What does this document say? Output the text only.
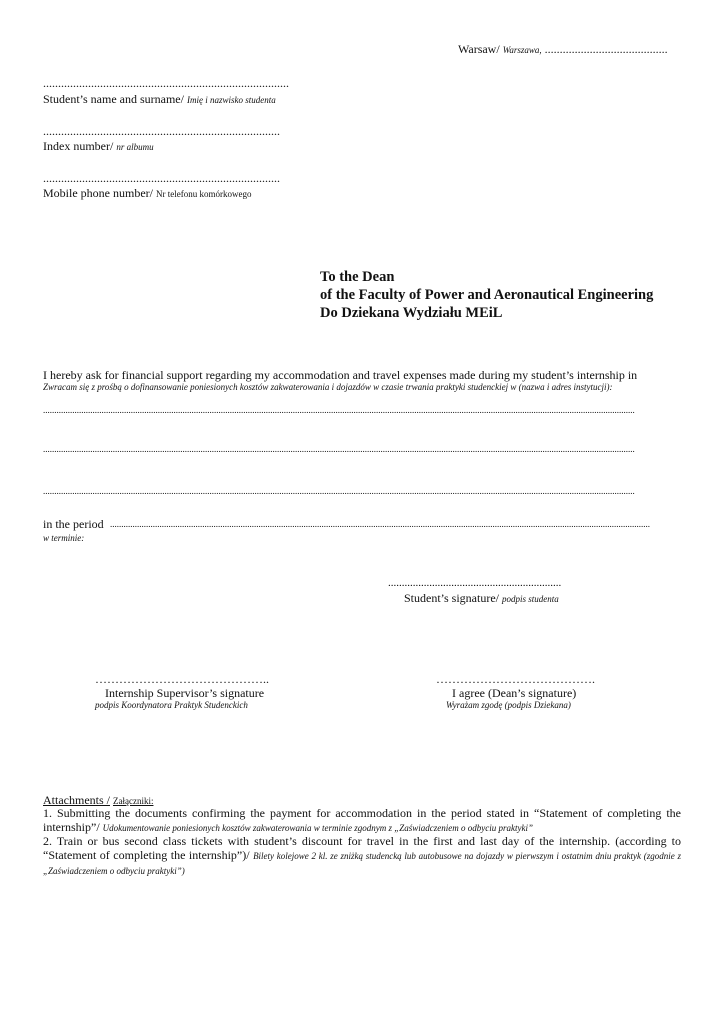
Warsaw/ Warszawa, .........................................
..................................................................................
Student’s name and surname/ Imię i nazwisko studenta
...............................................................................
Index number/ nr albumu
...............................................................................
Mobile phone number/ Nr telefonu komórkowego
To the Dean
of the Faculty of Power and Aeronautical Engineering
Do Dziekana Wydziału MEiL
I hereby ask for financial support regarding my accommodation and travel expenses made during my student’s internship in
Zwracam się z prośbą o dofinansowanie poniesionych kosztów zakwaterowania i dojazdów w czasie trwania praktyki studenckiej w (nazwa i adres instytucji):
.......................................................................................................................................................................................................................................................................
.......................................................................................................................................................................................................................................................................
.......................................................................................................................................................................................................................................................................
in the period ................................................................................................................................................................................................................................................
w terminie:
...............................................................
Student’s signature/ podpis studenta
……………………………………..
Internship Supervisor’s signature
podpis Koordynatora Praktyk Studenckich
………………………………….
I agree (Dean’s signature)
Wyrażam zgodę (podpis Dziekana)
Attachments / Załączniki:
1. Submitting the documents confirming the payment for accommodation in the period stated in “Statement of completing the internship”/ Udokumentowanie poniesionych kosztów zakwaterowania w terminie zgodnym z „Zaświadczeniem o odbyciu praktyki”
2. Train or bus second class tickets with student’s discount for travel in the first and last day of the internship. (according to “Statement of completing the internship”)/ Bilety kolejowe 2 kl. ze zniżką studencką lub autobusowe na dojazdy w pierwszym i ostatnim dniu praktyk (zgodnie z „Zaświadczeniem o odbyciu praktyki”)
